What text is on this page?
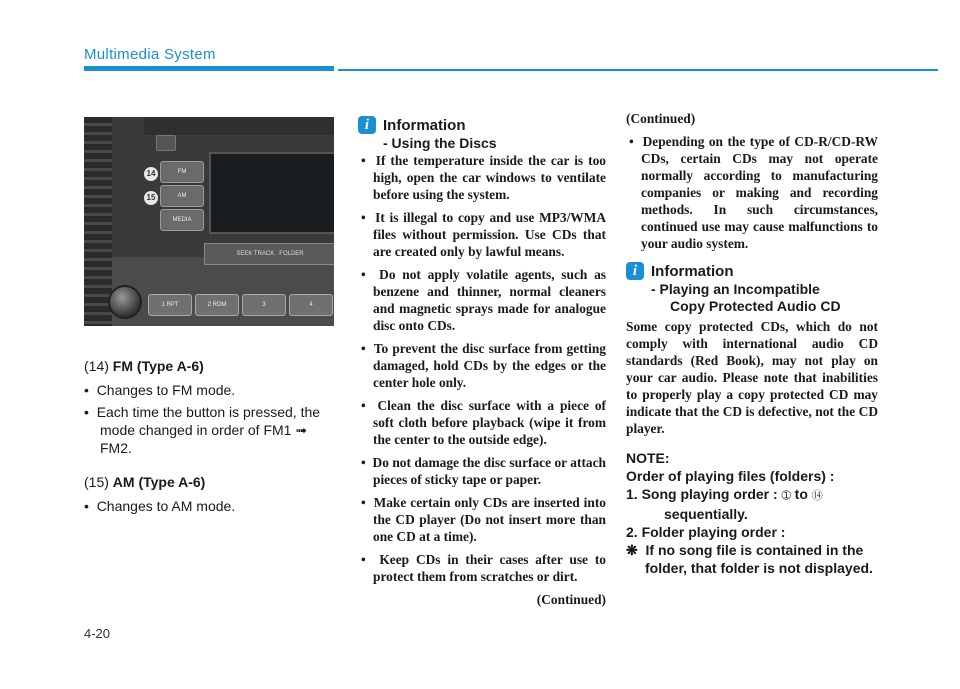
Multimedia System
FM
AM
MEDIA
14
15
SEEK TRACK FOLDER
1 RPT	2 RDM	3	4

(14) FM (Type A-6)

•  Changes to FM mode.

•  Each time the button is pressed, the mode changed in order of FM1 ➟ FM2.

(15) AM (Type A-6)

•  Changes to AM mode.

i Information
- Using the Discs

•  If the temperature inside the car is too high, open the car windows to ventilate before using the system.

•  It is illegal to copy and use MP3/WMA files without permission. Use CDs that are created only by lawful means.

•  Do not apply volatile agents, such as benzene and thinner, normal cleaners and magnetic sprays made for analogue disc onto CDs.

•  To prevent the disc surface from getting damaged, hold CDs by the edges or the center hole only.

•  Clean the disc surface with a piece of soft cloth before playback (wipe it from the center to the outside edge).

•  Do not damage the disc surface or attach pieces of sticky tape or paper.

•  Make certain only CDs are inserted into the CD player (Do not insert more than one CD at a time).

•  Keep CDs in their cases after use to protect them from scratches or dirt.

(Continued)

(Continued)

•  Depending on the type of CD-R/CD-RW CDs, certain CDs may not operate normally according to manufacturing companies or making and recording methods. In such circumstances, continued use may cause malfunctions to your audio system.

i Information
- Playing an Incompatible
Copy Protected Audio CD

Some copy protected CDs, which do not comply with international audio CD standards (Red Book), may not play on your car audio. Please note that inabilities to properly play a copy protected CD may indicate that the CD is defective, not the CD player.

NOTE:

Order of playing files (folders) :

1. Song playing order : ➀ to ⑭
sequentially.

2. Folder playing order :

❋ If no song file is contained in the folder, that folder is not displayed.

4-20
